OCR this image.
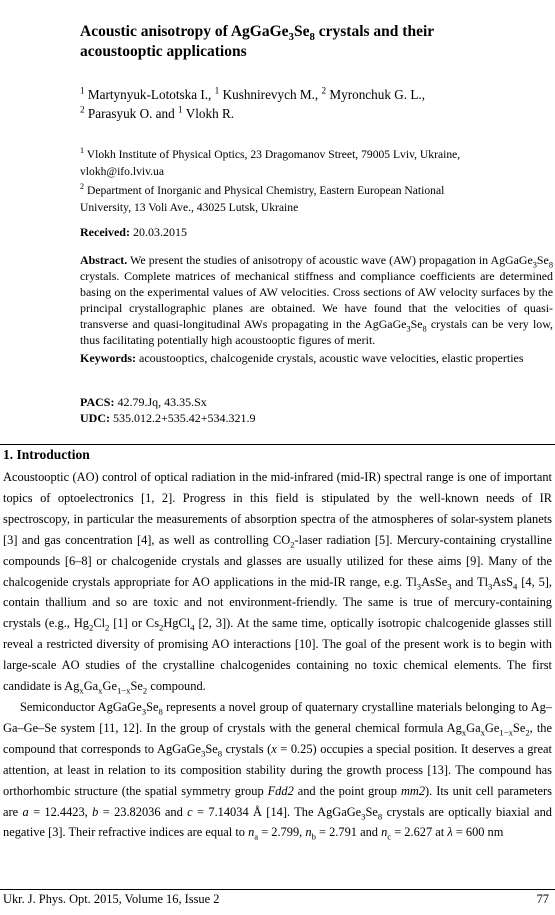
Acoustic anisotropy of $AgGaGe_3Se_8$ crystals and their
acoustooptic applications
$^1$ Martynyuk-Lototska I., $^1$ Kushnirevych M., $^2$ Myronchuk G. L.,
$^2$ Parasyuk O. and $^1$ Vlokh R.

$^1$ Vlokh Institute of Physical Optics, 23 Dragomanov Street, 79005 Lviv, Ukraine,
vlokh@ifo.lviv.ua

$^2$ Department of Inorganic and Physical Chemistry, Eastern European National
University, 13 Voli Ave., 43025 Lutsk, Ukraine

Received: 20.03.2015
Abstract. We present the studies of anisotropy of acoustic wave (AW) propagation in $AgGaGe_3Se_8$ crystals. Complete matrices of mechanical stiffness and compliance coefficients are determined basing on the experimental values of AW velocities. Cross sections of AW velocity surfaces by the principal crystallographic planes are obtained. We have found that the velocities of quasi-transverse and quasi-longitudinal AWs propagating in the $AgGaGe_3Se_8$ crystals can be very low, thus facilitating potentially high acoustooptic figures of merit.
Keywords: acoustooptics, chalcogenide crystals, acoustic wave velocities, elastic properties
PACS: 42.79.Jq, 43.35.Sx
UDC: 535.012.2+535.42+534.321.9
1. Introduction

Acoustooptic (AO) control of optical radiation in the mid-infrared (mid-IR) spectral range is one of important topics of optoelectronics [1, 2]. Progress in this field is stipulated by the well-known needs of IR spectroscopy, in particular the measurements of absorption spectra of the atmospheres of solar-system planets [3] and gas concentration [4], as well as controlling $CO_2$-laser radiation [5]. Mercury-containing crystalline compounds [6–8] or chalcogenide crystals and glasses are usually utilized for these aims [9]. Many of the chalcogenide crystals appropriate for AO applications in the mid-IR range, e.g. $Tl_3AsSe_3$ and $Tl_3AsS_4$ [4, 5], contain thallium and so are toxic and not environment-friendly. The same is true of mercury-containing crystals (e.g., $Hg_2Cl_2$ [1] or $Cs_2HgCl_4$ [2, 3]). At the same time, optically isotropic chalcogenide glasses still reveal a restricted diversity of promising AO interactions [10]. The goal of the present work is to begin with large-scale AO studies of the crystalline chalcogenides containing no toxic chemical elements. The first candidate is $Ag_xGa_xGe_{1-x}Se_2$ compound.

Semiconductor $AgGaGe_3Se_8$ represents a novel group of quaternary crystalline materials belonging to Ag–Ga–Ge–Se system [11, 12]. In the group of crystals with the general chemical formula $Ag_xGa_xGe_{1-x}Se_2$, the compound that corresponds to $AgGaGe_3Se_8$ crystals (x = 0.25) occupies a special position. It deserves a great attention, at least in relation to its composition stability during the growth process [13]. The compound has orthorhombic structure (the spatial symmetry group Fdd2 and the point group mm2). Its unit cell parameters are a = 12.4423, b = 23.82036 and c = 7.14034 Å [14]. The $AgGaGe_3Se_8$ crystals are optically biaxial and negative [3]. Their refractive indices are equal to $n_a = 2.799$, $n_b = 2.791$ and $n_c = 2.627$ at λ = 600 nm

Ukr. J. Phys. Opt. 2015, Volume 16, Issue 2	77
